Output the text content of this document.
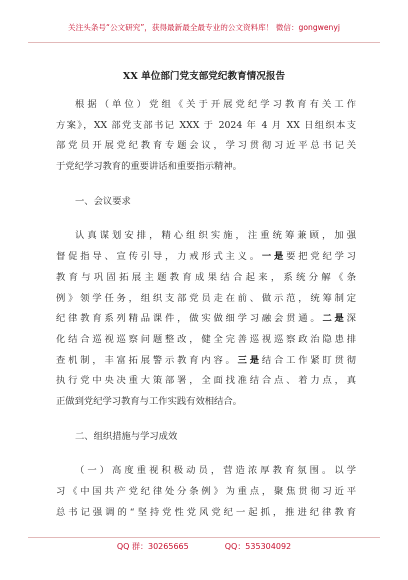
关注头条号“公文研究”，获得最新最全最专业的公文资料库！ 微信：gongwenyj
XX 单位部门党支部党纪教育情况报告
根据（单位）党组《关于开展党纪学习教育有关工作
方案》，XX 部党支部书记 XXX 于 2024 年 4 月 XX 日组织本支
部党员开展党纪教育专题会议，学习贯彻习近平总书记关
于党纪学习教育的重要讲话和重要指示精神。
一、会议要求
认真谋划安排，精心组织实施，注重统筹兼顾，加强
督促指导、宣传引导，力戒形式主义。一是要把党纪学习
教育与巩固拓展主题教育成果结合起来，系统分解《条
例》领学任务，组织支部党员走在前、做示范，统筹制定
纪律教育系列精品课件，做实做细学习融会贯通。二是深
化结合巡视巡察问题整改，健全完善巡视巡察政治隐患排
查机制，丰富拓展警示教育内容。三是结合工作紧盯贯彻
执行党中央决重大策部署，全面找准结合点、着力点，真
正做到党纪学习教育与工作实践有效相结合。
二、组织措施与学习成效
（一）高度重视积极动员，营造浓厚教育氛围。以学
习《中国共产党纪律处分条例》为重点，聚焦贯彻习近平
总书记强调的“坚持党性党风党纪一起抓，推进纪律教育
QQ 群：30265665	QQ：535304092
